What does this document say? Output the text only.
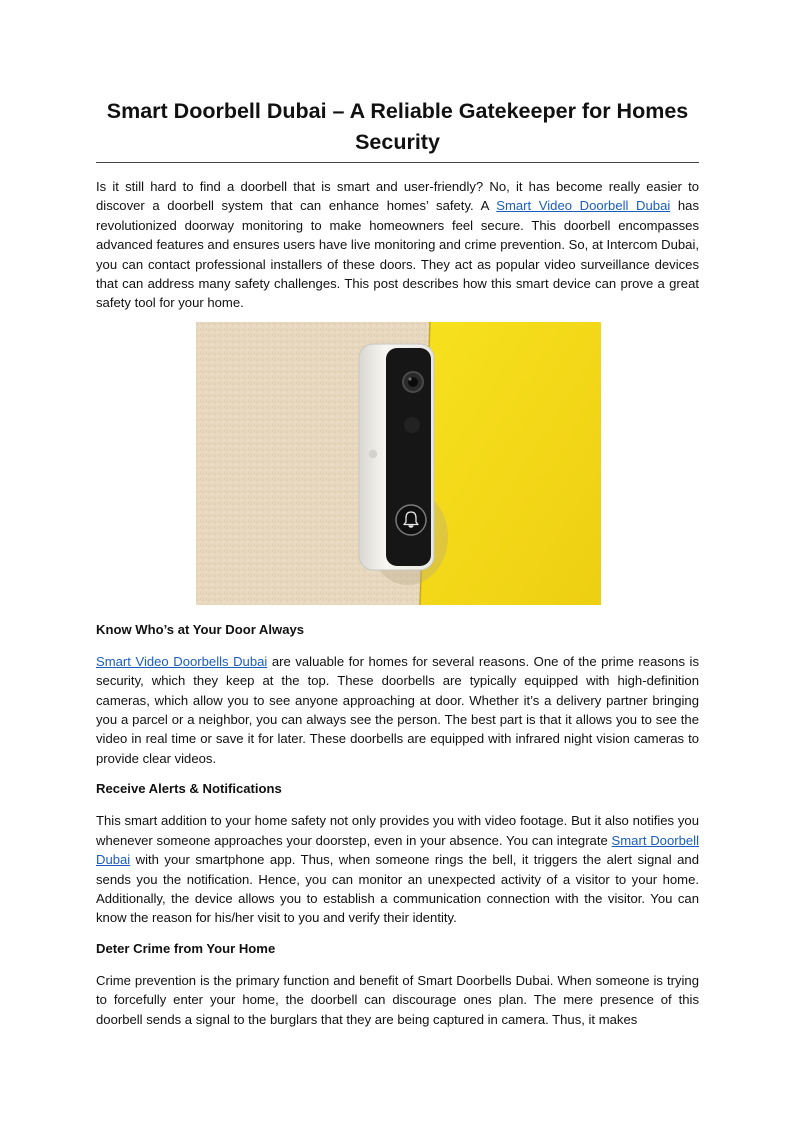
Smart Doorbell Dubai – A Reliable Gatekeeper for Homes Security

Is it still hard to find a doorbell that is smart and user-friendly? No, it has become really easier to discover a doorbell system that can enhance homes’ safety. A Smart Video Doorbell Dubai has revolutionized doorway monitoring to make homeowners feel secure. This doorbell encompasses advanced features and ensures users have live monitoring and crime prevention. So, at Intercom Dubai, you can contact professional installers of these doors. They act as popular video surveillance devices that can address many safety challenges. This post describes how this smart device can prove a great safety tool for your home.

Know Who’s at Your Door Always

Smart Video Doorbells Dubai are valuable for homes for several reasons. One of the prime reasons is security, which they keep at the top. These doorbells are typically equipped with high-definition cameras, which allow you to see anyone approaching at door. Whether it’s a delivery partner bringing you a parcel or a neighbor, you can always see the person. The best part is that it allows you to see the video in real time or save it for later. These doorbells are equipped with infrared night vision cameras to provide clear videos.

Receive Alerts & Notifications

This smart addition to your home safety not only provides you with video footage. But it also notifies you whenever someone approaches your doorstep, even in your absence. You can integrate Smart Doorbell Dubai with your smartphone app. Thus, when someone rings the bell, it triggers the alert signal and sends you the notification. Hence, you can monitor an unexpected activity of a visitor to your home. Additionally, the device allows you to establish a communication connection with the visitor. You can know the reason for his/her visit to you and verify their identity.

Deter Crime from Your Home

Crime prevention is the primary function and benefit of Smart Doorbells Dubai. When someone is trying to forcefully enter your home, the doorbell can discourage ones plan. The mere presence of this doorbell sends a signal to the burglars that they are being captured in camera. Thus, it makes
